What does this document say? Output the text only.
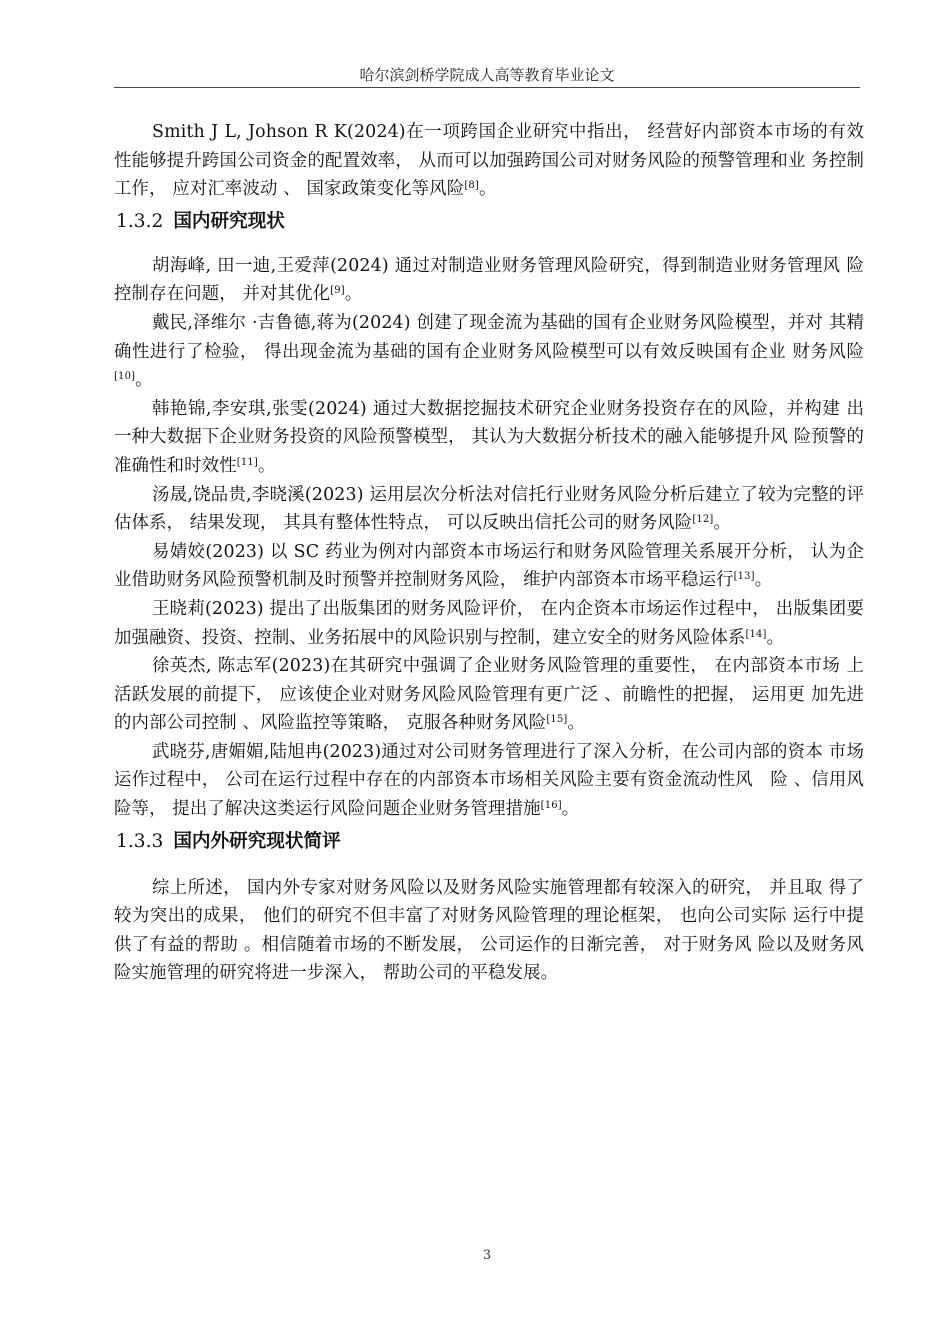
哈尔滨剑桥学院成人高等教育毕业论文

Smith J L, Johson R K(2024)在一项跨国企业研究中指出， 经营好内部资本市场的有效性能够提升跨国公司资金的配置效率， 从而可以加强跨国公司对财务风险的预警管理和业 务控制工作， 应对汇率波动 、 国家政策变化等风险[8]。

1.3.2 国内研究现状

胡海峰, 田一迪,王爱萍(2024) 通过对制造业财务管理风险研究，得到制造业财务管理风 险控制存在问题， 并对其优化[9]。

戴民,泽维尔 ·吉鲁德,蒋为(2024) 创建了现金流为基础的国有企业财务风险模型，并对 其精确性进行了检验， 得出现金流为基础的国有企业财务风险模型可以有效反映国有企业 财务风险[10]。

韩艳锦,李安琪,张雯(2024) 通过大数据挖掘技术研究企业财务投资存在的风险，并构建 出一种大数据下企业财务投资的风险预警模型， 其认为大数据分析技术的融入能够提升风 险预警的准确性和时效性[11]。

汤晟,饶品贵,李晓溪(2023) 运用层次分析法对信托行业财务风险分析后建立了较为完整的评估体系， 结果发现， 其具有整体性特点， 可以反映出信托公司的财务风险[12]。

易婧姣(2023) 以 SC 药业为例对内部资本市场运行和财务风险管理关系展开分析， 认为企业借助财务风险预警机制及时预警并控制财务风险， 维护内部资本市场平稳运行[13]。

王晓莉(2023) 提出了出版集团的财务风险评价， 在内企资本市场运作过程中， 出版集团要加强融资、投资、控制、业务拓展中的风险识别与控制，建立安全的财务风险体系[14]。

徐英杰, 陈志军(2023)在其研究中强调了企业财务风险管理的重要性， 在内部资本市场 上活跃发展的前提下， 应该使企业对财务风险风险管理有更广泛 、前瞻性的把握， 运用更 加先进的内部公司控制 、风险监控等策略， 克服各种财务风险[15]。

武晓芬,唐媚媚,陆旭冉(2023)通过对公司财务管理进行了深入分析，在公司内部的资本 市场运作过程中， 公司在运行过程中存在的内部资本市场相关风险主要有资金流动性风　险 、信用风险等， 提出了解决这类运行风险问题企业财务管理措施[16]。

1.3.3 国内外研究现状简评

综上所述， 国内外专家对财务风险以及财务风险实施管理都有较深入的研究， 并且取 得了较为突出的成果， 他们的研究不但丰富了对财务风险管理的理论框架， 也向公司实际 运行中提供了有益的帮助 。相信随着市场的不断发展， 公司运作的日渐完善， 对于财务风 险以及财务风险实施管理的研究将进一步深入， 帮助公司的平稳发展。

3
